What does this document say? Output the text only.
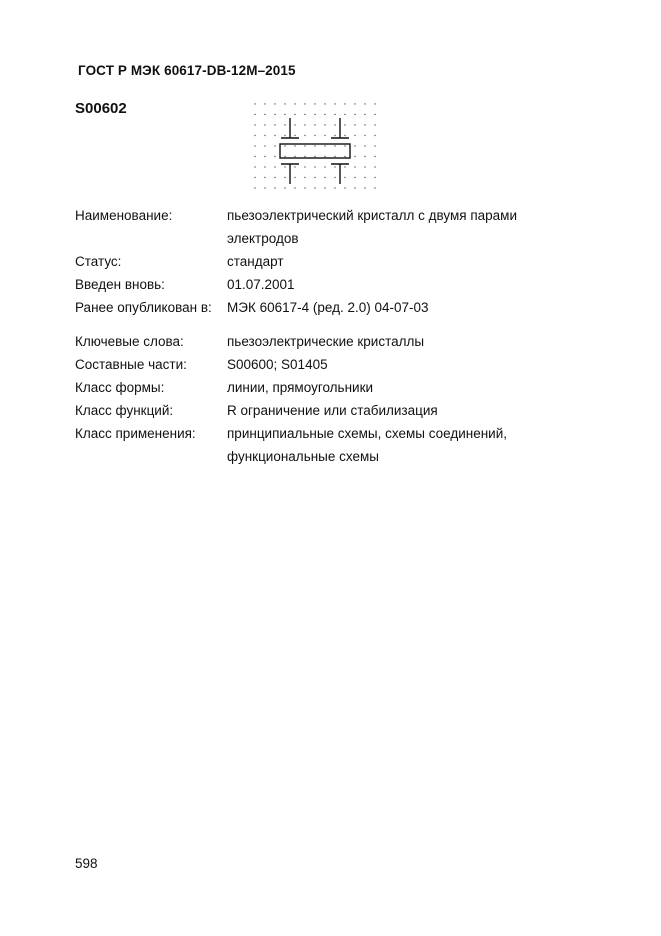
ГОСТ Р МЭК 60617-DB-12M–2015
S00602
Наименование:	пьезоэлектрический кристалл с двумя парами
электродов
Статус:	стандарт
Введен вновь:	01.07.2001
Ранее опубликован в:	МЭК 60617-4 (ред. 2.0) 04-07-03
Ключевые слова:	пьезоэлектрические кристаллы
Составные части:	S00600; S01405
Класс формы:	линии, прямоугольники
Класс функций:	R ограничение или стабилизация
Класс применения:	принципиальные схемы, схемы соединений,
функциональные схемы
598
